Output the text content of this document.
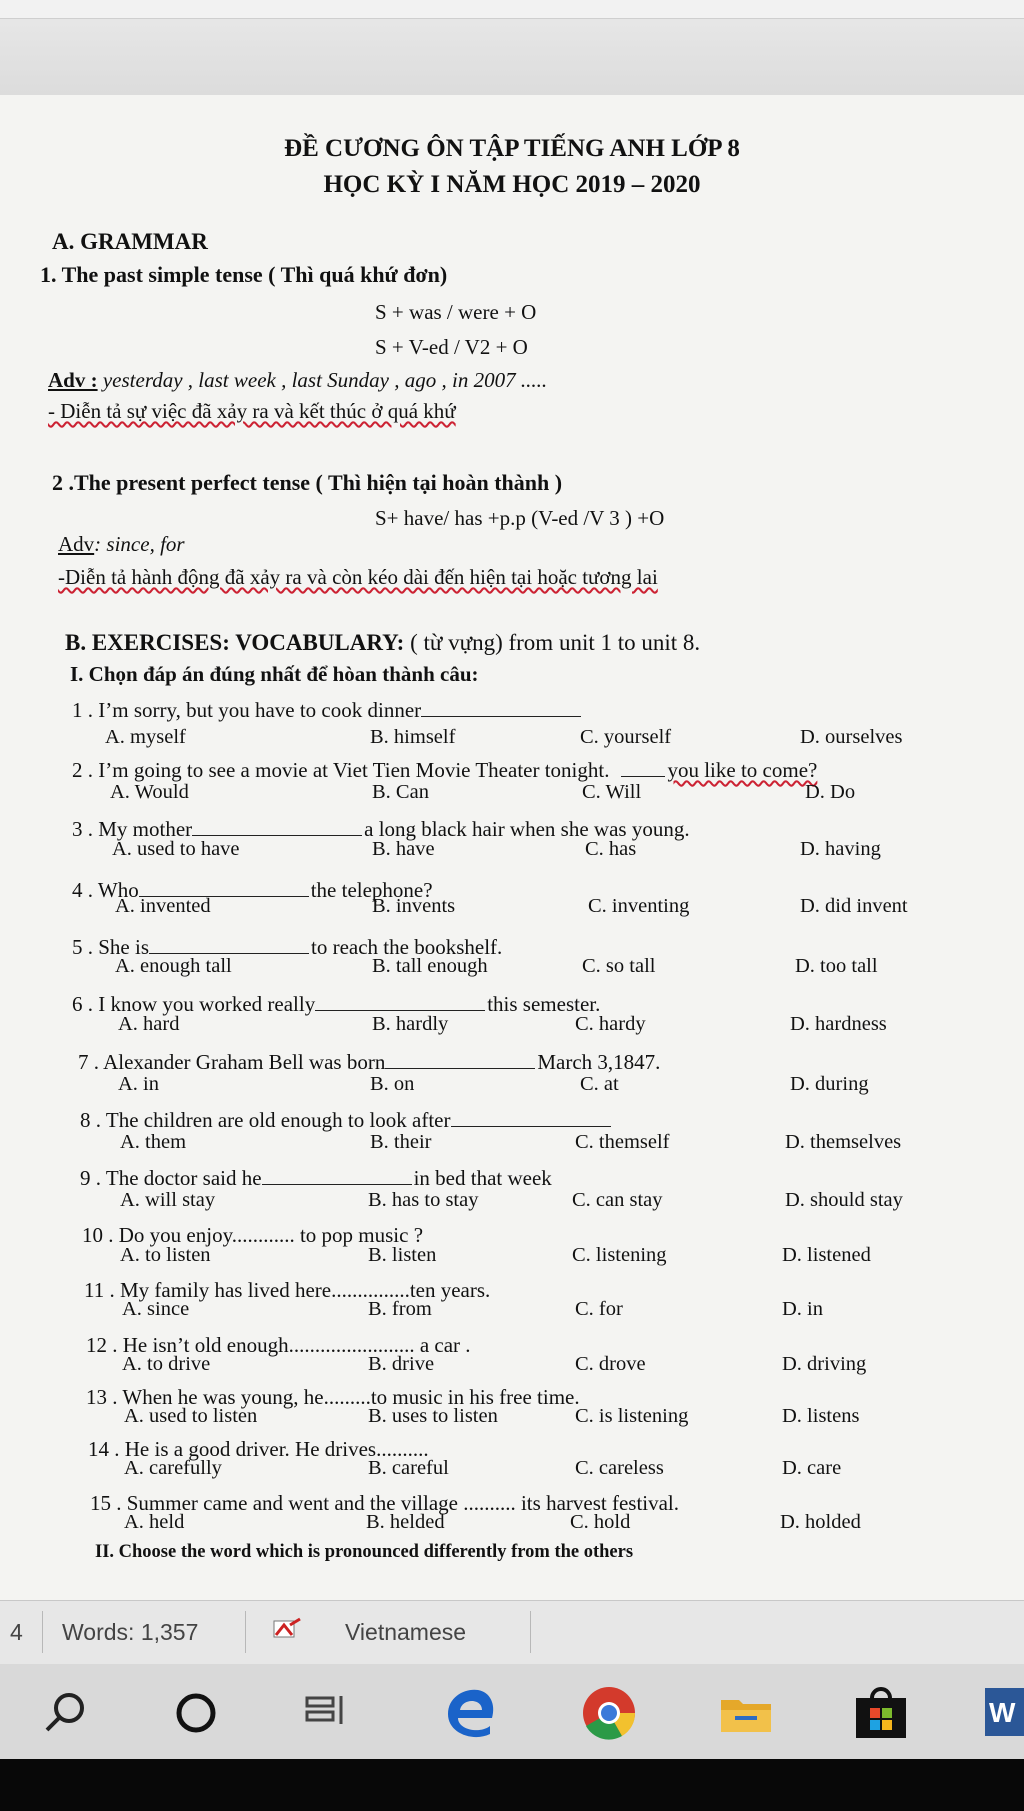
ĐỀ CƯƠNG ÔN TẬP TIẾNG ANH LỚP 8
HỌC KỲ I NĂM HỌC 2019 – 2020
A. GRAMMAR
1. The past simple tense ( Thì quá khứ đơn)
S + was / were + O
S + V-ed / V2 + O
Adv : yesterday , last week , last Sunday , ago , in 2007 .....
- Diễn tả sự việc đã xảy ra và kết thúc ở quá khứ
2 .The present perfect tense ( Thì hiện tại hoàn thành )
S+ have/ has +p.p (V-ed /V 3 ) +O
Adv: since, for
-Diễn tả hành động đã xảy ra và còn kéo dài đến hiện tại hoặc tương lai
B. EXERCISES: VOCABULARY: ( từ vựng) from unit 1 to unit 8.
I. Chọn đáp án đúng nhất để hòan thành câu:
1 . I’m sorry, but you have to cook dinner
A. myself	B. himself	C. yourself	D. ourselves
2 . I’m going to see a movie at Viet Tien Movie Theater tonight.	you like to come?
A. Would	B. Can	C. Will	D. Do
3 . My mother	a long black hair when she was young.
A. used to have	B. have	C. has	D. having
4 . Who	the telephone?
A. invented	B. invents	C. inventing	D. did invent
5 . She is	to reach the bookshelf.
A. enough tall	B. tall enough	C. so tall	D. too tall
6 . I know you worked really	this semester.
A. hard	B. hardly	C. hardy	D. hardness
7 . Alexander Graham Bell was born	March 3,1847.
A. in	B. on	C. at	D. during
8 . The children are old enough to look after
A. them	B. their	C. themself	D. themselves
9 . The doctor said he	in bed that week
A. will stay	B. has to stay	C. can stay	D. should stay
10 . Do you enjoy............ to pop music ?
A. to listen	B. listen	C. listening	D. listened
11 . My family has lived here...............ten years.
A. since	B. from	C. for	D. in
12 . He isn’t old enough........................ a car .
A. to drive	B. drive	C. drove	D. driving
13 . When he was young, he.........to music in his free time.
A. used to listen	B. uses to listen	C. is listening	D. listens
14 . He is a good driver. He drives..........
A. carefully	B. careful	C. careless	D. care
15 . Summer came and went and the village .......... its harvest festival.
A. held	B. helded	C. hold	D. holded
II. Choose the word which is pronounced differently from the others
4 Words: 1,357	Vietnamese
W
